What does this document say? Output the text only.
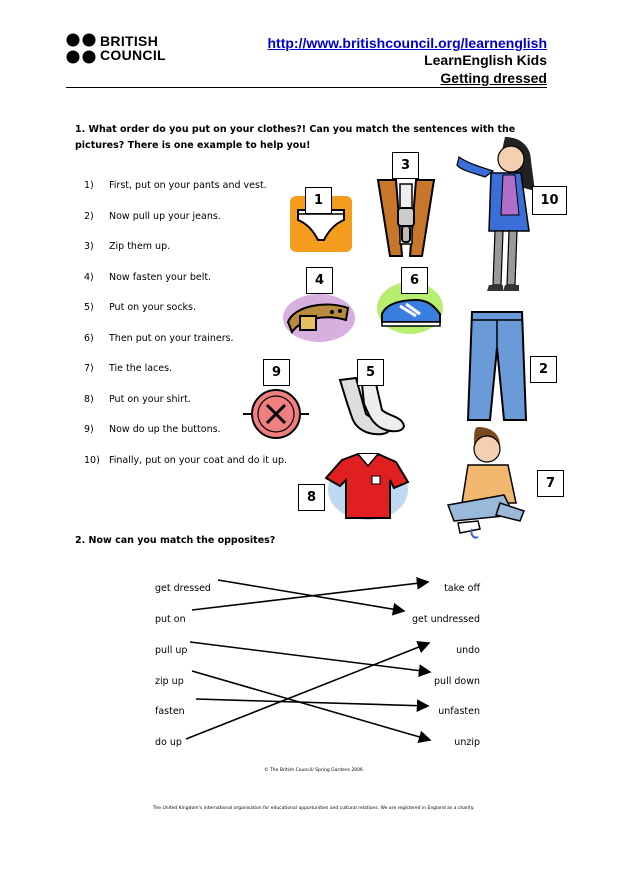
BRITISH
COUNCIL
http://www.britishcouncil.org/learnenglish
LearnEnglish Kids
Getting dressed
1. What order do you put on your clothes?! Can you match the sentences with the pictures? There is one example to help you!
1)	First, put on your pants and vest.
2)	Now pull up your jeans.
3)	Zip them up.
4)	Now fasten your belt.
5)	Put on your socks.
6)	Then put on your trainers.
7)	Tie the laces.
8)	Put on your shirt.
9)	Now do up the buttons.
10) Finally, put on your coat and do it up.
1
3
10
4	6
2
9	5
7
8
2. Now can you match the opposites?
get dressed
put on
pull up
zip up
fasten
do up
take off
get undressed
undo
pull down
unfasten
unzip
© The British Council/ Spring Gardens 2006
The United Kingdom's international organisation for educational opportunities and cultural relations. We are registered in England as a charity.
